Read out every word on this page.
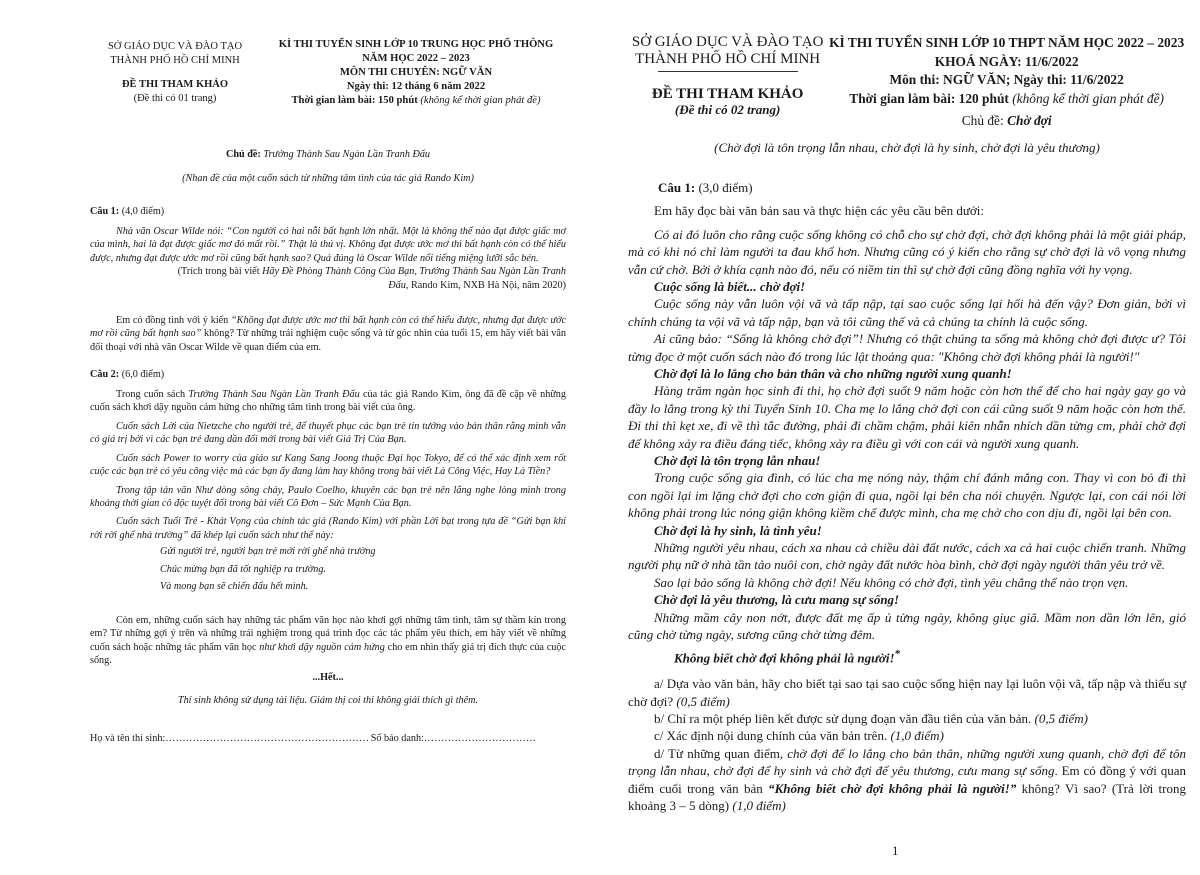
SỞ GIÁO DỤC VÀ ĐÀO TẠO

THÀNH PHỐ HỒ CHÍ MINH

ĐỀ THI THAM KHẢO

(Đề thi có 01 trang)

KÌ THI TUYỂN SINH LỚP 10 TRUNG HỌC PHỔ THÔNG

NĂM HỌC 2022 – 2023

MÔN THI CHUYÊN: NGỮ VĂN

Ngày thi: 12 tháng 6 năm 2022

Thời gian làm bài: 150 phút (không kể thời gian phát đề)

Chủ đề: Trưởng Thành Sau Ngàn Lần Tranh Đấu

(Nhan đề của một cuốn sách từ những tâm tình của tác giả Rando Kim)

Câu 1: (4,0 điểm)

Nhà văn Oscar Wilde nói: “Con người có hai nỗi bất hạnh lớn nhất. Một là không thể nào đạt được giấc mơ của mình, hai là đạt được giấc mơ đó mất rồi.” Thật là thú vị. Không đạt được ước mơ thì bất hạnh còn có thể hiểu được, nhưng đạt được ước mơ rồi cũng bất hạnh sao? Quả đúng là Oscar Wilde nổi tiếng miệng lưỡi sắc bén.

(Trích trong bài viết Hãy Đề Phòng Thành Công Của Bạn, Trưởng Thành Sau Ngàn Lần Tranh Đấu, Rando Kim, NXB Hà Nội, năm 2020)

Em có đồng tình với ý kiến “Không đạt được ước mơ thì bất hạnh còn có thể hiểu được, nhưng đạt được ước mơ rồi cũng bất hạnh sao” không? Từ những trải nghiệm cuộc sống và từ góc nhìn của tuổi 15, em hãy viết bài văn đối thoại với nhà văn Oscar Wilde về quan điểm của em.

Câu 2: (6,0 điểm)

Trong cuốn sách Trưởng Thành Sau Ngàn Lần Tranh Đấu của tác giả Rando Kim, ông đã đề cập về những cuốn sách khơi dậy nguồn cảm hứng cho những tâm tình trong bài viết của ông.

Cuốn sách Lời của Nietzche cho người trẻ, để thuyết phục các bạn trẻ tin tưởng vào bản thân rằng mình vẫn có giá trị bởi vì các bạn trẻ đang dần đổi mới trong bài viết Giá Trị Của Bạn.

Cuốn sách Power to worry của giáo sư Kang Sang Joong thuộc Đại học Tokyo, để có thể xác định xem rốt cuộc các bạn trẻ có yêu công việc mà các bạn ấy đang làm hay không trong bài viết Là Công Việc, Hay Là Tiền?

Trong tập tản văn Như dòng sông chảy, Paulo Coelho, khuyên các bạn trẻ nên lắng nghe lòng mình trong khoảng thời gian cô độc tuyệt đối trong bài viết Cô Đơn – Sức Mạnh Của Bạn.

Cuốn sách Tuổi Trẻ - Khát Vọng của chính tác giả (Rando Kim) với phần Lời bạt trong tựa đề “Gửi bạn khi rời rời ghế nhà trường” đã khép lại cuốn sách như thế này:

Gửi người trẻ, người bạn trẻ mới rời ghế nhà trường

Chúc mừng bạn đã tốt nghiệp ra trường.

Và mong bạn sẽ chiến đấu hết mình.

Còn em, những cuốn sách hay những tác phẩm văn học nào khơi gợi những tâm tình, tâm sự thầm kín trong em? Từ những gợi ý trên và những trải nghiệm trong quá trình đọc các tác phẩm yêu thích, em hãy viết về những cuốn sách hoặc những tác phẩm văn học như khơi dậy nguồn cảm hứng cho em nhìn thấy giá trị đích thực của cuộc sống.

...Hết...

Thí sinh không sử dụng tài liệu. Giám thị coi thi không giải thích gì thêm.

Họ và tên thí sinh:…………………………………………………… Số báo danh:……………………………

SỞ GIÁO DỤC VÀ ĐÀO TẠO

THÀNH PHỐ HỒ CHÍ MINH

ĐỀ THI THAM KHẢO

(Đề thi có 02 trang)

KÌ THI TUYỂN SINH LỚP 10 THPT NĂM HỌC 2022 – 2023

KHOÁ NGÀY: 11/6/2022

Môn thi: NGỮ VĂN; Ngày thi: 11/6/2022

Thời gian làm bài: 120 phút (không kể thời gian phát đề)

Chủ đề: Chờ đợi

(Chờ đợi là tôn trọng lẫn nhau, chờ đợi là hy sinh, chờ đợi là yêu thương)

Câu 1: (3,0 điểm)

Em hãy đọc bài văn bản sau và thực hiện các yêu cầu bên dưới:

Có ai đó luôn cho rằng cuộc sống không có chỗ cho sự chờ đợi, chờ đợi không phải là một giải pháp, mà có khi nó chỉ làm người ta đau khổ hơn. Nhưng cũng có ý kiến cho rằng sự chờ đợi là vô vọng nhưng vẫn cứ chờ. Bởi ở khía cạnh nào đó, nếu có niềm tin thì sự chờ đợi cũng đồng nghĩa với hy vọng.

Cuộc sống là biết... chờ đợi!

Cuộc sống này vẫn luôn vội vã và tấp nập, tại sao cuộc sống lại hối hả đến vậy? Đơn giản, bởi vì chính chúng ta vội vã và tấp nập, bạn và tôi cũng thế và cả chúng ta chính là cuộc sống.

Ai cũng bảo: “Sống là không chờ đợi”! Nhưng có thật chúng ta sống mà không chờ đợi được ư? Tôi từng đọc ở một cuốn sách nào đó trong lúc lật thoảng qua: "Không chờ đợi không phải là người!"

Chờ đợi là lo lắng cho bản thân và cho những người xung quanh!

Hàng trăm ngàn học sinh đi thi, họ chờ đợi suốt 9 năm hoặc còn hơn thế để cho hai ngày gay go và đầy lo lắng trong kỳ thi Tuyển Sinh 10. Cha mẹ lo lắng chờ đợi con cái cũng suốt 9 năm hoặc còn hơn thế. Đi thi thì kẹt xe, đi về thì tắc đường, phải đi chầm chậm, phải kiên nhẫn nhích dần từng cm, phải chờ đợi để không xảy ra điều đáng tiếc, không xảy ra điều gì với con cái và người xung quanh.

Chờ đợi là tôn trọng lẫn nhau!

Trong cuộc sống gia đình, có lúc cha mẹ nóng nảy, thậm chí đánh mắng con. Thay vì con bỏ đi thì con ngồi lại im lặng chờ đợi cho cơn giận đi qua, ngồi lại bên cha nói chuyện. Ngược lại, con cái nói lời không phải trong lúc nóng giận không kiềm chế được mình, cha mẹ chờ cho con dịu đi, ngồi lại bên con.

Chờ đợi là hy sinh, là tình yêu!

Những người yêu nhau, cách xa nhau cả chiều dài đất nước, cách xa cả hai cuộc chiến tranh. Những người phụ nữ ở nhà tần tảo nuôi con, chờ ngày đất nước hòa bình, chờ đợi ngày người thân yêu trở về.

Sao lại bảo sống là không chờ đợi! Nếu không có chờ đợi, tình yêu chẳng thể nào trọn vẹn.

Chờ đợi là yêu thương, là cưu mang sự sống!

Những mầm cây non nớt, được đất mẹ ấp ủ từng ngày, không giục giã. Mầm non dần lớn lên, gió cũng chờ từng ngày, sương cũng chờ từng đêm.

Không biết chờ đợi không phải là người!*

a/ Dựa vào văn bản, hãy cho biết tại sao tại sao cuộc sống hiện nay lại luôn vội vã, tấp nập và thiếu sự chờ đợi? (0,5 điểm)

b/ Chỉ ra một phép liên kết được sử dụng đoạn văn đầu tiên của văn bản. (0,5 điểm)

c/ Xác định nội dung chính của văn bản trên. (1,0 điểm)

d/ Từ những quan điểm, chờ đợi để lo lắng cho bản thân, những người xung quanh, chờ đợi để tôn trọng lẫn nhau, chờ đợi để hy sinh và chờ đợi để yêu thương, cưu mang sự sống. Em có đồng ý với quan điểm cuối trong văn bản “Không biết chờ đợi không phải là người!” không? Vì sao? (Trả lời trong khoảng 3 – 5 dòng) (1,0 điểm)

1
